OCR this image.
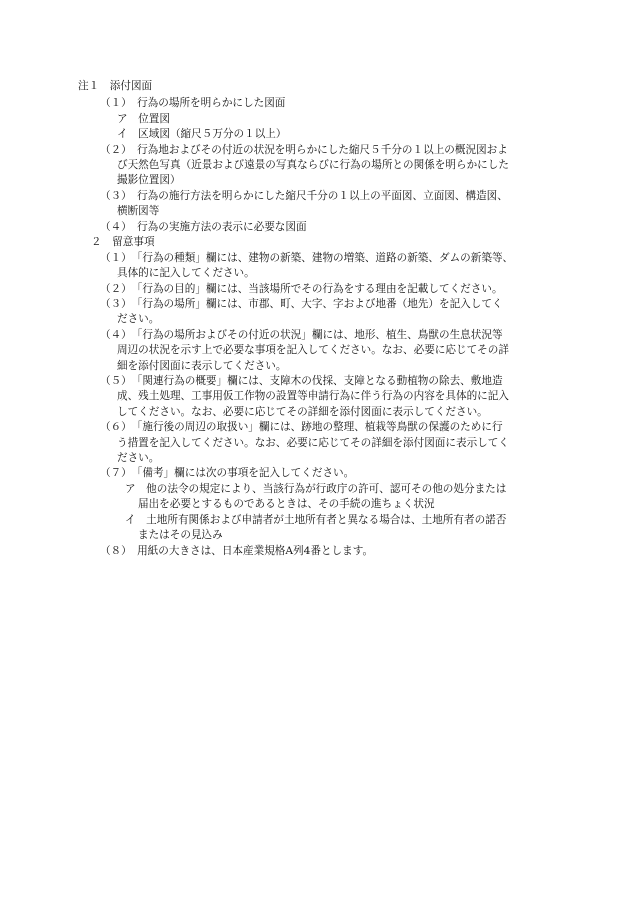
注１　添付図面
（１）　行為の場所を明らかにした図面
ア　位置図
イ　区域図（縮尺５万分の１以上）
（２）　行為地およびその付近の状況を明らかにした縮尺５千分の１以上の概況図およ
び天然色写真（近景および遠景の写真ならびに行為の場所との関係を明らかにした
撮影位置図）
（３）　行為の施行方法を明らかにした縮尺千分の１以上の平面図、立面図、構造図、
横断図等
（４）　行為の実施方法の表示に必要な図面
２　留意事項
（１）　「行為の種類」欄には、建物の新築、建物の増築、道路の新築、ダムの新築等、
具体的に記入してください。
（２）　「行為の目的」欄には、当該場所でその行為をする理由を記載してください。
（３）　「行為の場所」欄には、市郡、町、大字、字および地番（地先）を記入してく
ださい。
（４）　「行為の場所およびその付近の状況」欄には、地形、植生、鳥獣の生息状況等
周辺の状況を示す上で必要な事項を記入してください。なお、必要に応じてその詳
細を添付図面に表示してください。
（５）　「関連行為の概要」欄には、支障木の伐採、支障となる動植物の除去、敷地造
成、残土処理、工事用仮工作物の設置等申請行為に伴う行為の内容を具体的に記入
してください。なお、必要に応じてその詳細を添付図面に表示してください。
（６）　「施行後の周辺の取扱い」欄には、跡地の整理、植栽等鳥獣の保護のために行
う措置を記入してください。なお、必要に応じてその詳細を添付図面に表示してく
ださい。
（７）　「備考」欄には次の事項を記入してください。
ア　他の法令の規定により、当該行為が行政庁の許可、認可その他の処分または
届出を必要とするものであるときは、その手続の進ちょく状況
イ　土地所有関係および申請者が土地所有者と異なる場合は、土地所有者の諾否
またはその見込み
（８）　用紙の大きさは、日本産業規格A列4番とします。
